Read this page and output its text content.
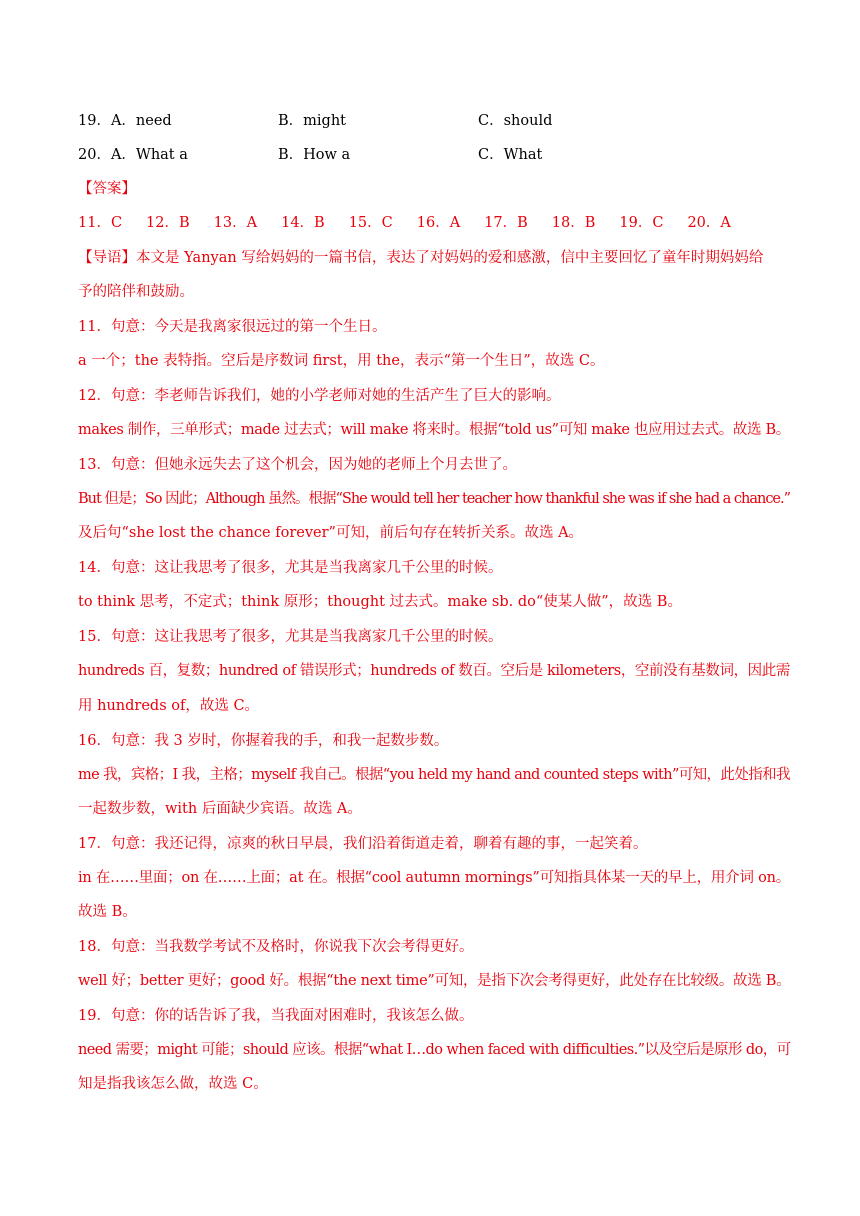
19．A．need	B．might	C．should
20．A．What a	B．How a	C．What
【答案】
11．C 12．B 13．A 14．B 15．C 16．A 17．B 18．B 19．C 20．A
【导语】本文是 Yanyan 写给妈妈的一篇书信，表达了对妈妈的爱和感激，信中主要回忆了童年时期妈妈给
予的陪伴和鼓励。
11．句意：今天是我离家很远过的第一个生日。
a 一个；the 表特指。空后是序数词 first，用 the，表示“第一个生日”，故选 C。
12．句意：李老师告诉我们，她的小学老师对她的生活产生了巨大的影响。
makes 制作，三单形式；made 过去式；will make 将来时。根据“told us”可知 make 也应用过去式。故选 B。
13．句意：但她永远失去了这个机会，因为她的老师上个月去世了。
But 但是；So 因此；Although 虽然。根据“She would tell her teacher how thankful she was if she had a chance.”
及后句“she lost the chance forever”可知，前后句存在转折关系。故选 A。
14．句意：这让我思考了很多，尤其是当我离家几千公里的时候。
to think 思考，不定式；think 原形；thought 过去式。make sb. do“使某人做”，故选 B。
15．句意：这让我思考了很多，尤其是当我离家几千公里的时候。
hundreds 百，复数；hundred of 错误形式；hundreds of 数百。空后是 kilometers，空前没有基数词，因此需
用 hundreds of，故选 C。
16．句意：我 3 岁时，你握着我的手，和我一起数步数。
me 我，宾格；I 我，主格；myself 我自己。根据“you held my hand and counted steps with”可知，此处指和我
一起数步数，with 后面缺少宾语。故选 A。
17．句意：我还记得，凉爽的秋日早晨，我们沿着街道走着，聊着有趣的事，一起笑着。
in 在……里面；on 在……上面；at 在。根据“cool autumn mornings”可知指具体某一天的早上，用介词 on。
故选 B。
18．句意：当我数学考试不及格时，你说我下次会考得更好。
well 好；better 更好；good 好。根据“the next time”可知，是指下次会考得更好，此处存在比较级。故选 B。
19．句意：你的话告诉了我，当我面对困难时，我该怎么做。
need 需要；might 可能；should 应该。根据“what I…do when faced with difficulties.”以及空后是原形 do，可
知是指我该怎么做，故选 C。
